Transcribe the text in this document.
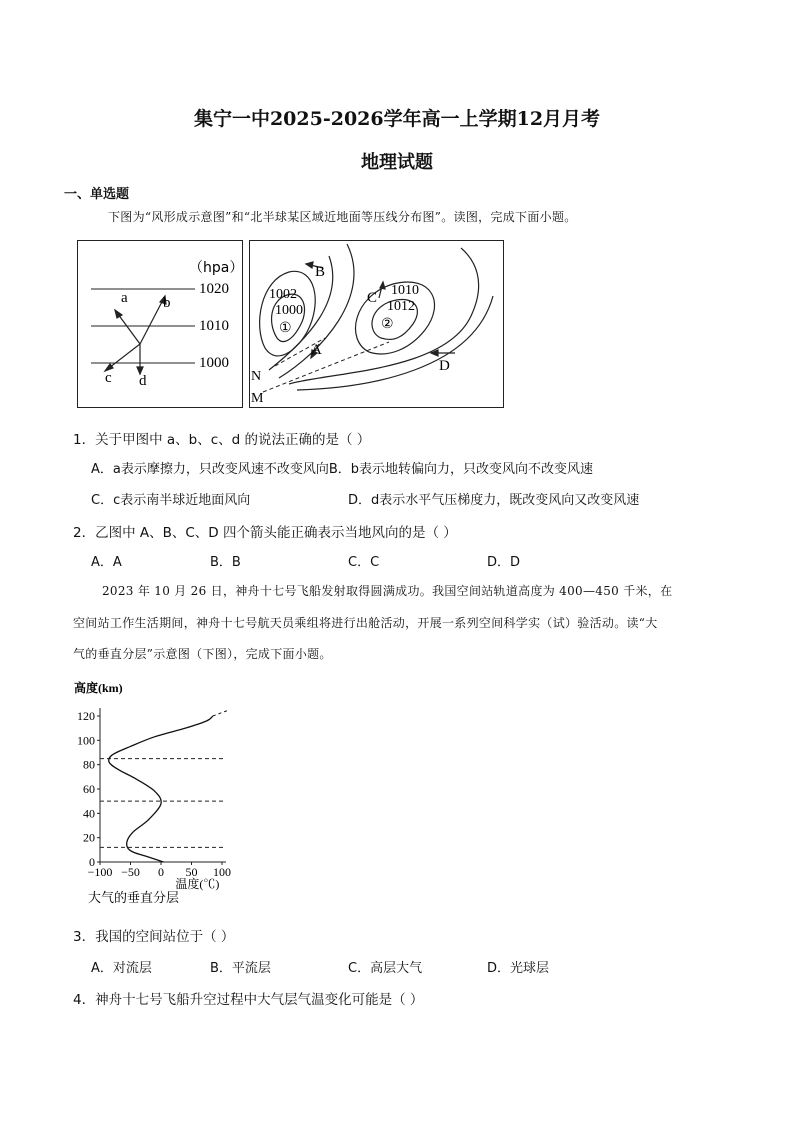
集宁一中2025-2026学年高一上学期12月月考
地理试题
一、单选题
下图为“风形成示意图”和“北半球某区域近地面等压线分布图”。读图，完成下面小题。
（hpa）
1020
1010
1000
a b
c d
B
C
A
D
N
M
①	②
1002
1000
1010
1012
1．关于甲图中 a、b、c、d 的说法正确的是（ ）
A．a表示摩擦力，只改变风速不改变风向B．b表示地转偏向力，只改变风向不改变风速
C．c表示南半球近地面风向	D．d表示水平气压梯度力，既改变风向又改变风速
2．乙图中 A、B、C、D 四个箭头能正确表示当地风向的是（ ）
A．A	B．B	C．C	D．D
2023 年 10 月 26 日，神舟十七号飞船发射取得圆满成功。我国空间站轨道高度为 400—450 千米，在
空间站工作生活期间，神舟十七号航天员乘组将进行出舱活动，开展一系列空间科学实（试）验活动。读“大
气的垂直分层”示意图（下图），完成下面小题。
高度(km)
温度(℃)
0
20
40
60
80
100
120
−100 −50 0 50 100
大气的垂直分层
3．我国的空间站位于（ ）
A．对流层	B．平流层	C．高层大气	D．光球层
4．神舟十七号飞船升空过程中大气层气温变化可能是（ ）
